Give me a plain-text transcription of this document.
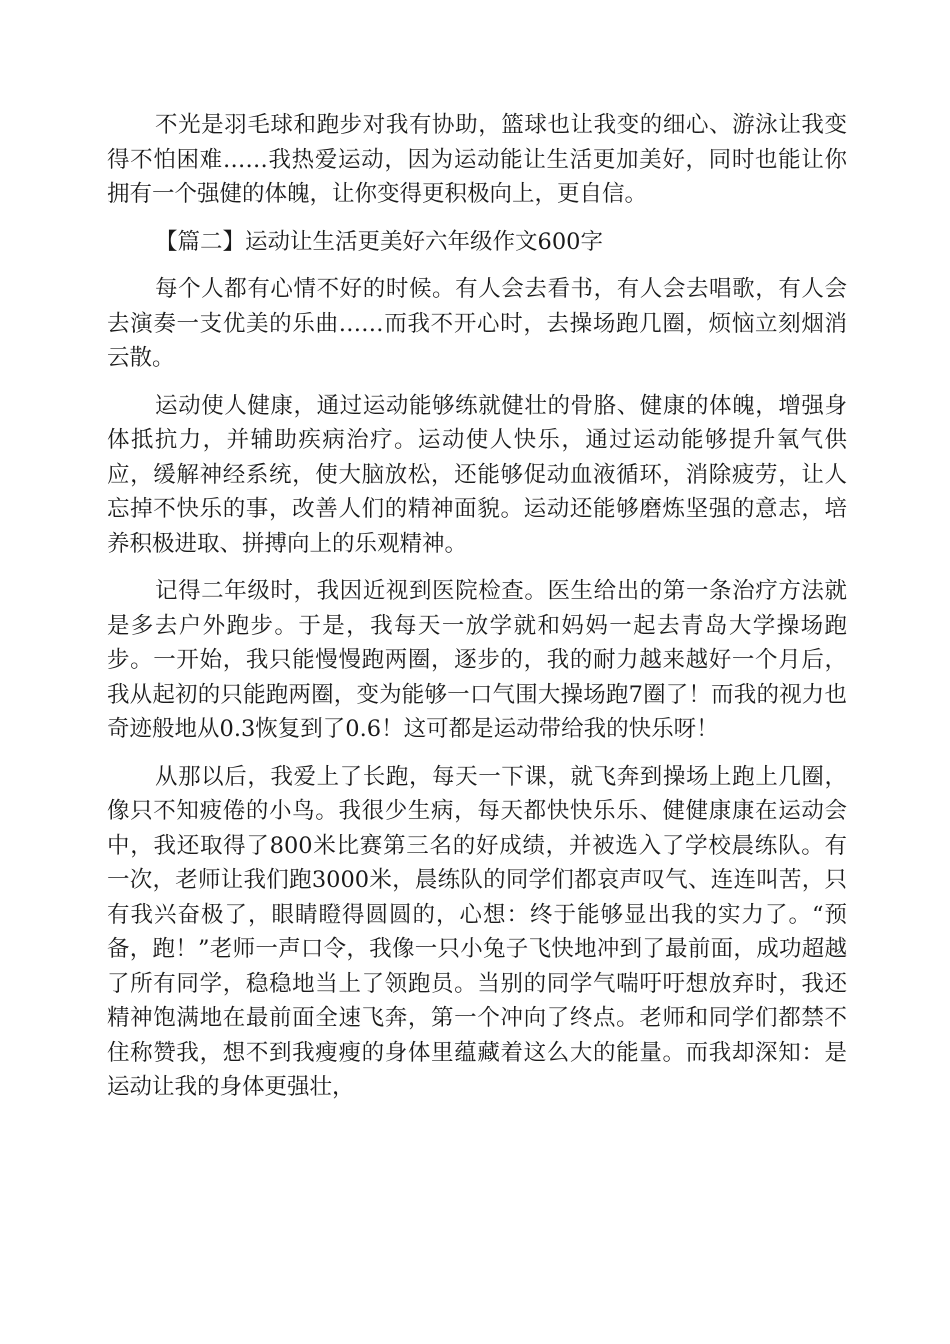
不光是羽毛球和跑步对我有协助，篮球也让我变的细心、游泳让我变得不怕困难……我热爱运动，因为运动能让生活更加美好，同时也能让你拥有一个强健的体魄，让你变得更积极向上，更自信。

【篇二】运动让生活更美好六年级作文600字

每个人都有心情不好的时候。有人会去看书，有人会去唱歌，有人会去演奏一支优美的乐曲……而我不开心时，去操场跑几圈，烦恼立刻烟消云散。

运动使人健康，通过运动能够练就健壮的骨胳、健康的体魄，增强身体抵抗力，并辅助疾病治疗。运动使人快乐，通过运动能够提升氧气供应，缓解神经系统，使大脑放松，还能够促动血液循环，消除疲劳，让人忘掉不快乐的事，改善人们的精神面貌。运动还能够磨炼坚强的意志，培养积极进取、拼搏向上的乐观精神。

记得二年级时，我因近视到医院检查。医生给出的第一条治疗方法就是多去户外跑步。于是，我每天一放学就和妈妈一起去青岛大学操场跑步。一开始，我只能慢慢跑两圈，逐步的，我的耐力越来越好一个月后，我从起初的只能跑两圈，变为能够一口气围大操场跑7圈了！而我的视力也奇迹般地从0.3恢复到了0.6！这可都是运动带给我的快乐呀！

从那以后，我爱上了长跑，每天一下课，就飞奔到操场上跑上几圈，像只不知疲倦的小鸟。我很少生病，每天都快快乐乐、健健康康在运动会中，我还取得了800米比赛第三名的好成绩，并被选入了学校晨练队。有一次，老师让我们跑3000米，晨练队的同学们都哀声叹气、连连叫苦，只有我兴奋极了，眼睛瞪得圆圆的，心想：终于能够显出我的实力了。“预备，跑！”老师一声口令，我像一只小兔子飞快地冲到了最前面，成功超越了所有同学，稳稳地当上了领跑员。当别的同学气喘吁吁想放弃时，我还精神饱满地在最前面全速飞奔，第一个冲向了终点。老师和同学们都禁不住称赞我，想不到我瘦瘦的身体里蕴藏着这么大的能量。而我却深知：是运动让我的身体更强壮，
